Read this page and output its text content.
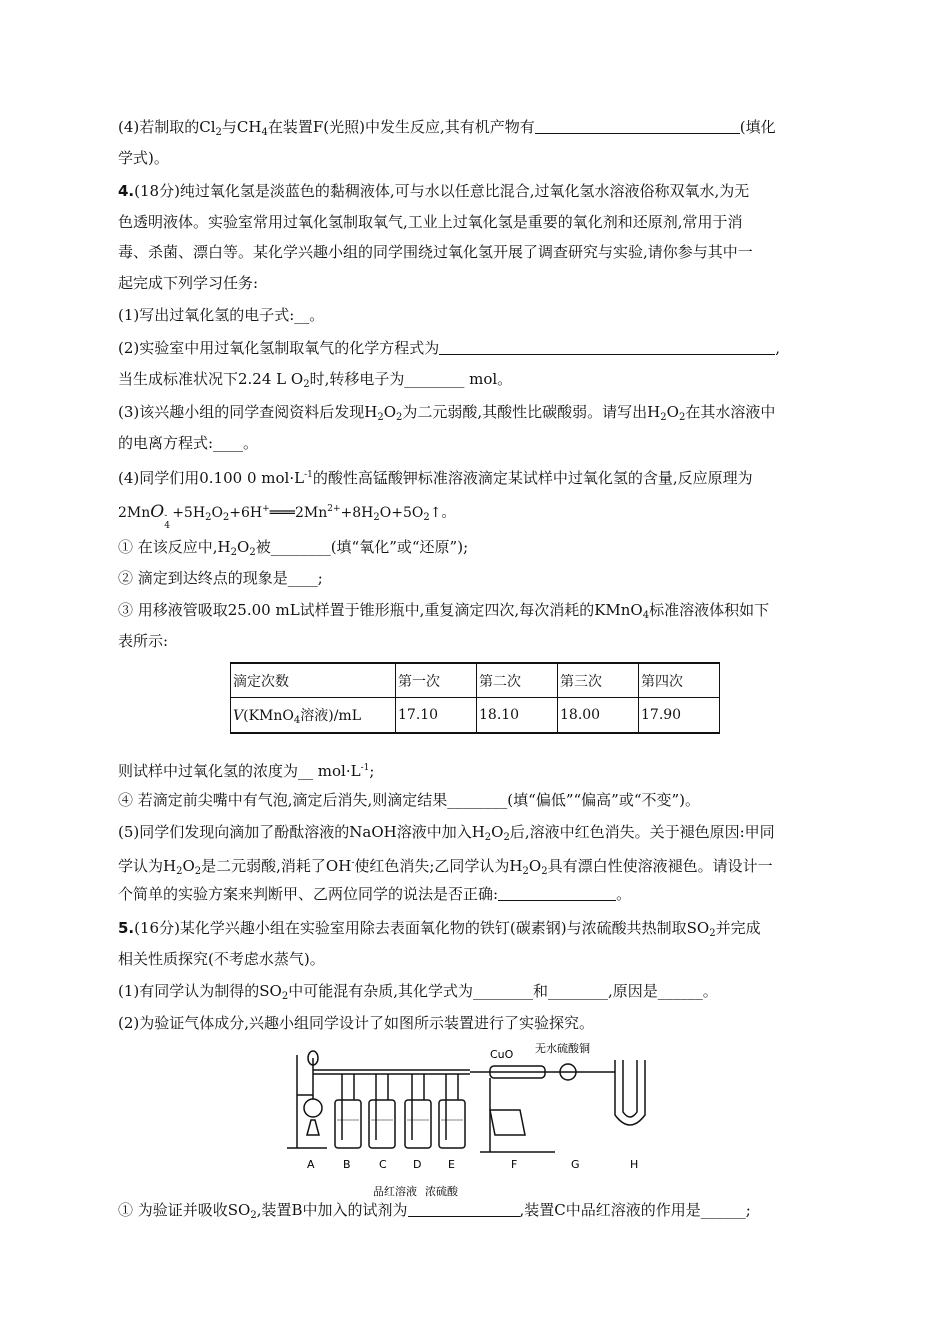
(4)若制取的$Cl_2$与$CH_4$在装置F(光照)中发生反应,其有机产物有	(填化
学式)。
4.(18分)纯过氧化氢是淡蓝色的黏稠液体,可与水以任意比混合,过氧化氢水溶液俗称双氧水,为无
色透明液体。实验室常用过氧化氢制取氧气,工业上过氧化氢是重要的氧化剂和还原剂,常用于消
毒、杀菌、漂白等。某化学兴趣小组的同学围绕过氧化氢开展了调查研究与实验,请你参与其中一
起完成下列学习任务:
(1)写出过氧化氢的电子式:__。
(2)实验室中用过氧化氢制取氧气的化学方程式为	,
当生成标准状况下2.24 L $O_2$时,转移电子为________ mol。
(3)该兴趣小组的同学查阅资料后发现$H_2O_2$为二元弱酸,其酸性比碳酸弱。请写出$H_2O_2$在其水溶液中
的电离方程式:____。
(4)同学们用0.100 0 $mol\cdot L^{-1}$的酸性高锰酸钾标准溶液滴定某试样中过氧化氢的含量,反应原理为
2MnO -
4
$+5H_2O_2+6H^+═══2Mn^{2+}+8H_2O+5O_2↑$。
① 在该反应中$,H_2O_2$被________(填“氧化”或“还原”);
② 滴定到达终点的现象是____;
③ 用移液管吸取25.00 mL试样置于锥形瓶中,重复滴定四次,每次消耗的KMnO$_4$标准溶液体积如下
表所示:
滴定次数	第一次	第二次	第三次	第四次
V(KMnO$_4$溶液)/mL	17.10	18.10	18.00	17.90
则试样中过氧化氢的浓度为__ $mol\cdot L^{-1}$;
④ 若滴定前尖嘴中有气泡,滴定后消失,则滴定结果________(填“偏低”“偏高”或“不变”)。
(5)同学们发现向滴加了酚酞溶液的NaOH溶液中加入$H_2O_2$后,溶液中红色消失。关于褪色原因:甲同
学认为$H_2O_2$是二元弱酸,消耗了OH-使红色消失;乙同学认为$H_2O_2$具有漂白性使溶液褪色。请设计一
个简单的实验方案来判断甲、乙两位同学的说法是否正确:	。
5.(16分)某化学兴趣小组在实验室用除去表面氧化物的铁钉(碳素钢)与浓硫酸共热制取$SO_2$并完成
相关性质探究(不考虑水蒸气)。
(1)有同学认为制得的$SO_2$中可能混有杂质,其化学式为________和________,原因是______。
(2)为验证气体成分,兴趣小组同学设计了如图所示装置进行了实验探究。
CuO 无水硫酸铜
品红溶液 浓硫酸
A	B	C D E	F	G	H
① 为验证并吸收$SO_2$,装置B中加入的试剂为	,装置C中品红溶液的作用是______;
